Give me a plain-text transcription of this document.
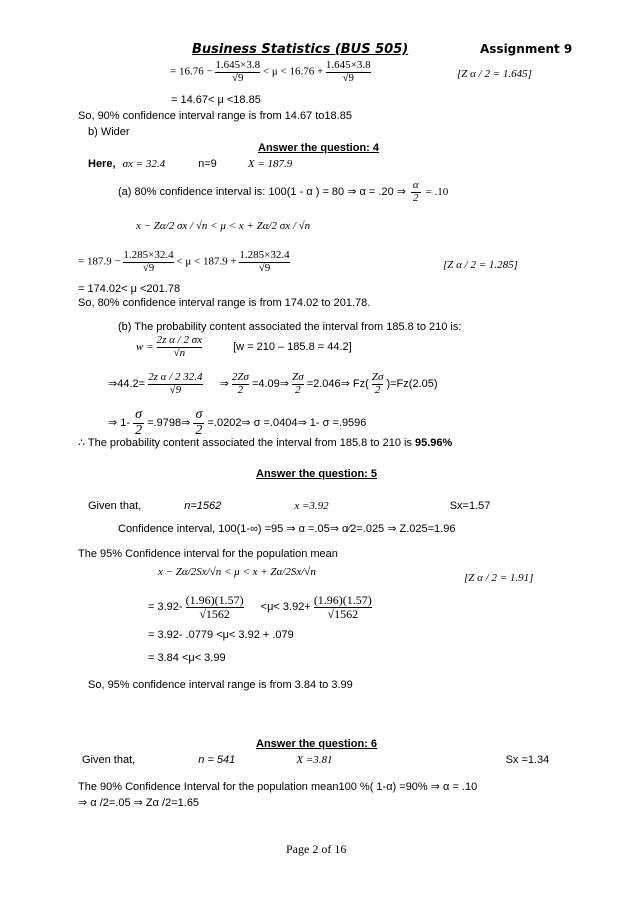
Business Statistics (BUS 505)	Assignment 9
= $16.76 - \frac{1.645\times 3.8}{√9} < \mu < 16.76 + \frac{1.645\times 3.8}{√9}$	[Z α / 2 = 1.645]
= 14.67< μ <18.85
So, 90% confidence interval range is from 14.67 to18.85
b) Wider
Answer the question: 4
Here, σx = 32.4	n=9	X = 187.9
(a) 80% confidence interval is: 100(1 - α ) = 80 ⇒ α = .20 ⇒ $\frac{\alpha}{2} = .10$
x − Zα/2 σx / √n < μ < x + Zα/2 σx / √n
= $187.9 - \frac{1.285\times 32.4}{√9} < \mu < 187.9 + \frac{1.285\times 32.4}{√9}$	[Z α / 2 = 1.285]
= 174.02< μ <201.78
So, 80% confidence interval range is from 174.02 to 201.78.
(b) The probability content associated the interval from 185.8 to 210 is:
$w = \frac{\text{2z α / 2 σx}}{√n}$	[w = 210 – 185.8 = 44.2]
⇒44.2= $\frac{\text{2z α / 2 32.4}}{√9}$ ⇒ $\frac{2Z\sigma}{2}$ =4.09⇒ $\frac{Z\sigma}{2}$ =2.046⇒ $Fz( \frac{Z\sigma}{2} )=Fz(2.05)$
⇒ $1- \frac{\sigma}{2}$ =.9798⇒ $\frac{\sigma}{2}$ =.0202⇒ σ =.0404⇒ 1- σ =.9596
∴ The probability content associated the interval from 185.8 to 210 is 95.96%
Answer the question: 5
Given that,	n=1562	x =3.92	Sx=1.57
Confidence interval, 100(1-∞) =95 ⇒ α =.05⇒ α⁄2=.025 ⇒ Z.025=1.96
The 95% Confidence interval for the population mean
x − Zα/2Sx/√n < μ < x + Zα/2Sx/√n	[Z α / 2 = 1.91]
= $3.92- \frac{(1.96)(1.57)}{√1562} <\mu< 3.92+ \frac{(1.96)(1.57)}{√1562}$
= 3.92- .0779 <μ< 3.92 + .079
= 3.84 <μ< 3.99
So, 95% confidence interval range is from 3.84 to 3.99
Answer the question: 6
Given that,	n = 541	X =3.81	Sx =1.34
The 90% Confidence Interval for the population mean100 %( 1-α) =90% ⇒ α = .10
⇒ α /2=.05 ⇒ Zα /2=1.65
Page 2 of 16
